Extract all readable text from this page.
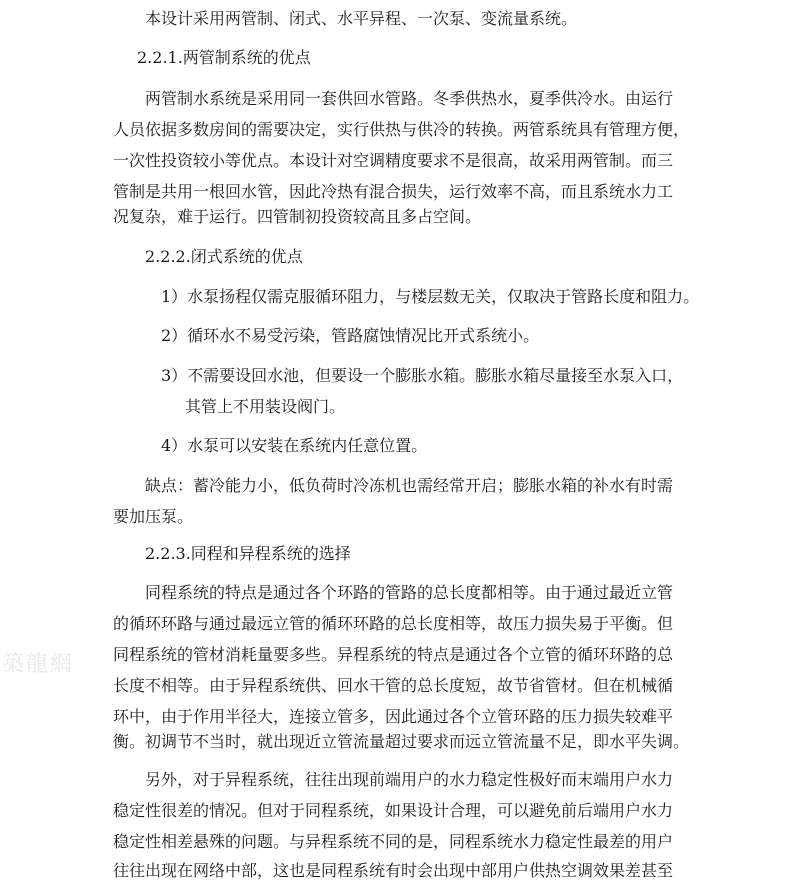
築龍網
本设计采用两管制、闭式、水平异程、一次泵、变流量系统。
2.2.1.两管制系统的优点
两管制水系统是采用同一套供回水管路。冬季供热水，夏季供冷水。由运行
人员依据多数房间的需要决定，实行供热与供冷的转换。两管系统具有管理方便，
一次性投资较小等优点。本设计对空调精度要求不是很高，故采用两管制。而三
管制是共用一根回水管，因此冷热有混合损失，运行效率不高，而且系统水力工
况复杂，难于运行。四管制初投资较高且多占空间。
2.2.2.闭式系统的优点
1）水泵扬程仅需克服循环阻力，与楼层数无关，仅取决于管路长度和阻力。
2）循环水不易受污染，管路腐蚀情况比开式系统小。
3）不需要设回水池，但要设一个膨胀水箱。膨胀水箱尽量接至水泵入口，
其管上不用装设阀门。
4）水泵可以安装在系统内任意位置。
缺点：蓄冷能力小，低负荷时冷冻机也需经常开启；膨胀水箱的补水有时需
要加压泵。
2.2.3.同程和异程系统的选择
同程系统的特点是通过各个环路的管路的总长度都相等。由于通过最近立管
的循环环路与通过最远立管的循环环路的总长度相等，故压力损失易于平衡。但
同程系统的管材消耗量要多些。异程系统的特点是通过各个立管的循环环路的总
长度不相等。由于异程系统供、回水干管的总长度短，故节省管材。但在机械循
环中，由于作用半径大，连接立管多，因此通过各个立管环路的压力损失较难平
衡。初调节不当时，就出现近立管流量超过要求而远立管流量不足，即水平失调。
另外，对于异程系统，往往出现前端用户的水力稳定性极好而末端用户水力
稳定性很差的情况。但对于同程系统，如果设计合理，可以避免前后端用户水力
稳定性相差悬殊的问题。与异程系统不同的是，同程系统水力稳定性最差的用户
往往出现在网络中部，这也是同程系统有时会出现中部用户供热空调效果差甚至
